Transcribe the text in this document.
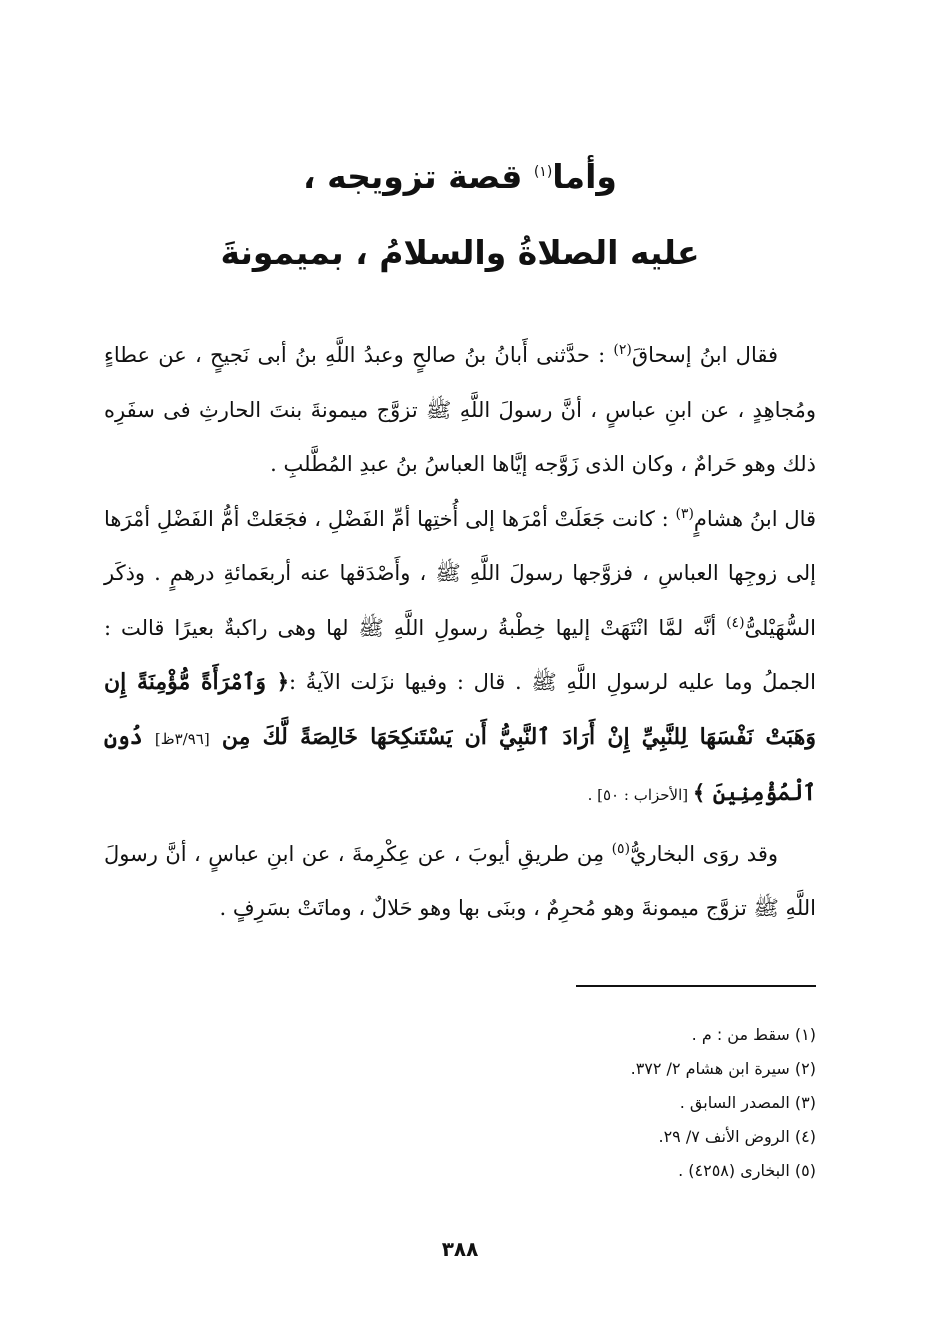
وأما$^{(١)}$ قصة تزويجه ،
عليه الصلاةُ والسلامُ ، بميمونةَ

فقال ابنُ إسحاقَ$^{(٢)}$ : حدَّثنى أَبانُ بنُ صالحٍ وعبدُ اللَّهِ بنُ أبى نَجيحٍ ، عن عطاءٍ ومُجاهِدٍ ، عن ابنِ عباسٍ ، أنَّ رسولَ اللَّهِ ﷺ تزوَّج ميمونةَ بنتَ الحارثِ فى سفَرِه ذلك وهو حَرامٌ ، وكان الذى زَوَّجه إيَّاها العباسُ بنُ عبدِ المُطَّلبِ .

قال ابنُ هشامٍ$^{(٣)}$ : كانت جَعَلَتْ أمْرَها إلى أُختِها أمِّ الفَضْلِ ، فجَعَلتْ أمُّ الفَضْلِ أمْرَها إلى زوجِها العباسِ ، فزوَّجها رسولَ اللَّهِ ﷺ ، وأَصْدَقها عنه أربعَمائةِ درهمٍ . وذكَر السُّهَيْلىُّ$^{(٤)}$ أنَّه لمَّا انْتَهَتْ إليها خِطْبةُ رسولِ اللَّهِ ﷺ لها وهى راكبةٌ بعيرًا قالت : الجملُ وما عليه لرسولِ اللَّهِ ﷺ . قال : وفيها نزَلت الآيةُ :﴿ وَٱمْرَأَةً مُّؤْمِنَةً إِن وَهَبَتْ نَفْسَهَا لِلنَّبِيِّ إِنْ أَرَادَ ٱلنَّبِيُّ أَن يَسْتَنكِحَهَا خَالِصَةً لَّكَ مِن [٣/٩٦ظ] دُونِ ٱلْمُؤْمِنِينَ ﴾ [الأحزاب : ٥٠] .

وقد روَى البخاريُّ$^{(٥)}$ مِن طريقِ أيوبَ ، عن عِكْرِمةَ ، عن ابنِ عباسٍ ، أنَّ رسولَ اللَّهِ ﷺ تزوَّج ميمونةَ وهو مُحرِمٌ ، وبنَى بها وهو حَلالٌ ، وماتَتْ بسَرِفٍ .

(١) سقط من : م .
(٢) سيرة ابن هشام ٢/ ٣٧٢.
(٣) المصدر السابق .
(٤) الروض الأنف ٧/ ٢٩.
(٥) البخارى (٤٢٥٨) .
٣٨٨
